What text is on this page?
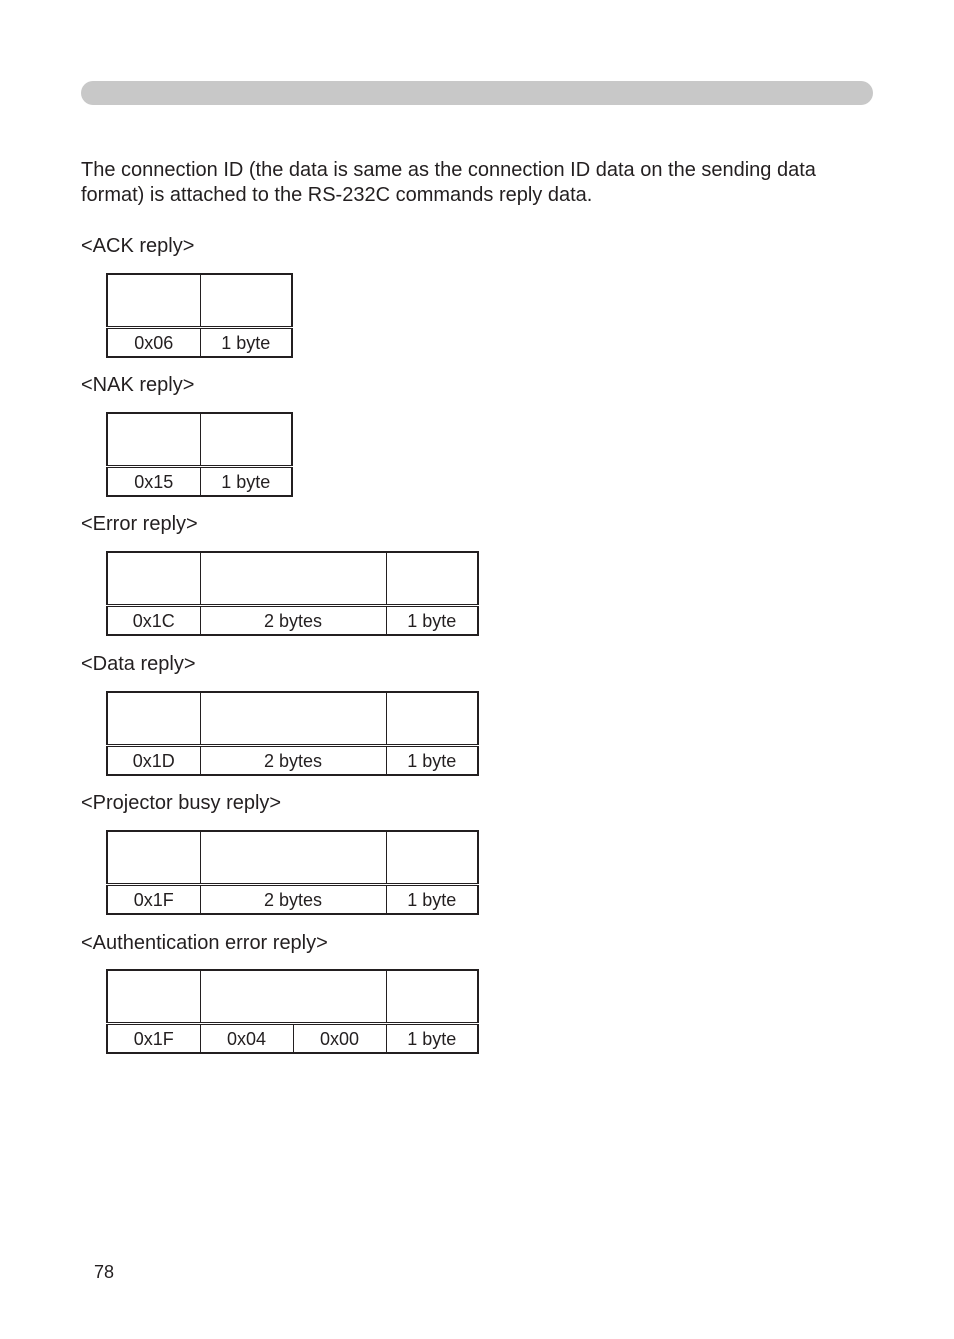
The connection ID (the data is same as the connection ID data on the sending data format) is attached to the RS-232C commands reply data.

<ACK reply>

0x06	1 byte

<NAK reply>

0x15	1 byte

<Error reply>

0x1C	2 bytes	1 byte

<Data reply>

0x1D	2 bytes	1 byte

<Projector busy reply>

0x1F	2 bytes	1 byte

<Authentication error reply>

0x1F	0x04	0x00	1 byte

78
